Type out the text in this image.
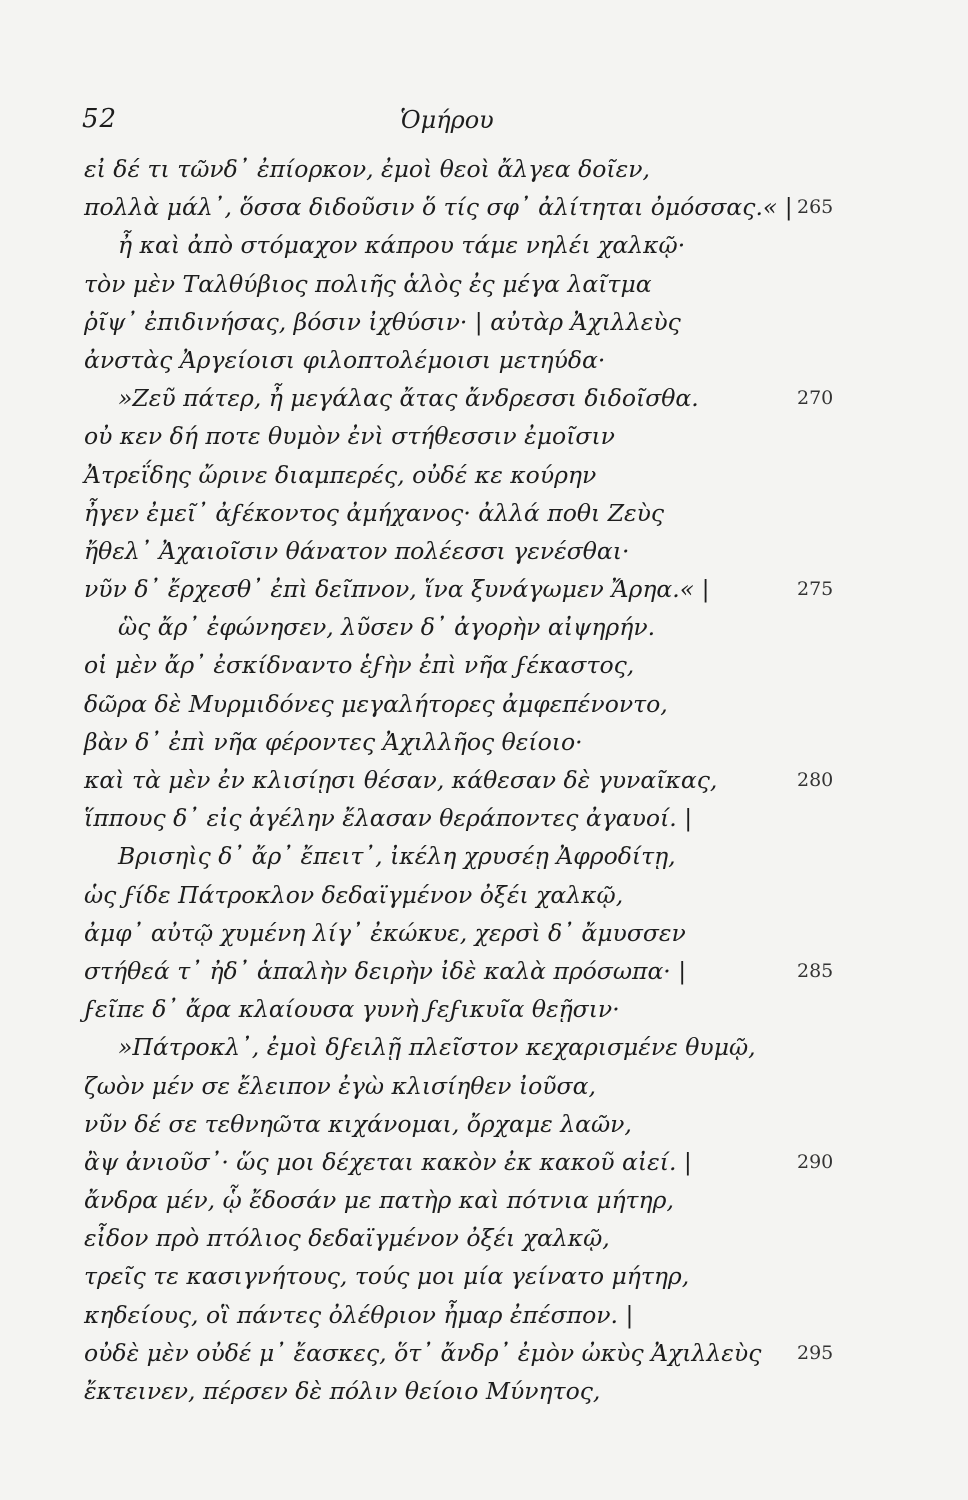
52	Ὁμήρου
εἰ δέ τι τῶνδ᾽ ἐπίορκον, ἐμοὶ θεοὶ ἄλγεα δοῖεν,
πολλὰ μάλ᾽, ὅσσα διδοῦσιν ὅ τίς σφ᾽ ἀλίτηται ὀμόσσας.« | 265
ἦ καὶ ἀπὸ στόμαχον κάπρου τάμε νηλέι χαλκῷ·
τὸν μὲν Ταλθύβιος πολιῆς ἁλὸς ἐς μέγα λαῖτμα
ῥῖψ᾽ ἐπιδινήσας, βόσιν ἰχθύσιν· | αὐτὰρ Ἀχιλλεὺς
ἀνστὰς Ἀργείοισι φιλοπτολέμοισι μετηύδα·
»Ζεῦ πάτερ, ἦ μεγάλας ἄτας ἄνδρεσσι διδοῖσθα.	270
οὐ κεν δή ποτε θυμὸν ἐνὶ στήθεσσιν ἐμοῖσιν
Ἀτρεΐδης ὤρινε διαμπερές, οὐδέ κε κούρην
ἦγεν ἐμεῖ᾽ ἀϝέκοντος ἀμήχανος· ἀλλά ποθι Ζεὺς
ἤθελ᾽ Ἀχαιοῖσιν θάνατον πολέεσσι γενέσθαι·
νῦν δ᾽ ἔρχεσθ᾽ ἐπὶ δεῖπνον, ἵνα ξυνάγωμεν Ἄρηα.« |	275
ὣς ἄρ᾽ ἐφώνησεν, λῦσεν δ᾽ ἀγορὴν αἰψηρήν.
οἱ μὲν ἄρ᾽ ἐσκίδναντο ἑϝὴν ἐπὶ νῆα ϝέκαστος,
δῶρα δὲ Μυρμιδόνες μεγαλήτορες ἀμφεπένοντο,
βὰν δ᾽ ἐπὶ νῆα φέροντες Ἀχιλλῆος θείοιο·
καὶ τὰ μὲν ἐν κλισίῃσι θέσαν, κάθεσαν δὲ γυναῖκας,	280
ἵππους δ᾽ εἰς ἀγέλην ἔλασαν θεράποντες ἀγαυοί. |
Βρισηὶς δ᾽ ἄρ᾽ ἔπειτ᾽, ἰκέλη χρυσέῃ Ἀφροδίτῃ,
ὡς ϝίδε Πάτροκλον δεδαϊγμένον ὀξέι χαλκῷ,
ἀμφ᾽ αὐτῷ χυμένη λίγ᾽ ἐκώκυε, χερσὶ δ᾽ ἄμυσσεν
στήθεά τ᾽ ἠδ᾽ ἁπαλὴν δειρὴν ἰδὲ καλὰ πρόσωπα· |	285
ϝεῖπε δ᾽ ἄρα κλαίουσα γυνὴ ϝεϝικυῖα θεῇσιν·
»Πάτροκλ᾽, ἐμοὶ δϝειλῇ πλεῖστον κεχαρισμένε θυμῷ,
ζωὸν μέν σε ἔλειπον ἐγὼ κλισίηθεν ἰοῦσα,
νῦν δέ σε τεθνηῶτα κιχάνομαι, ὄρχαμε λαῶν,
ἂψ ἀνιοῦσ᾽· ὥς μοι δέχεται κακὸν ἐκ κακοῦ αἰεί. |	290
ἄνδρα μέν, ᾧ ἔδοσάν με πατὴρ καὶ πότνια μήτηρ,
εἶδον πρὸ πτόλιος δεδαϊγμένον ὀξέι χαλκῷ,
τρεῖς τε κασιγνήτους, τούς μοι μία γείνατο μήτηρ,
κηδείους, οἳ πάντες ὀλέθριον ἦμαρ ἐπέσπον. |
οὐδὲ μὲν οὐδέ μ᾽ ἔασκες, ὅτ᾽ ἄνδρ᾽ ἐμὸν ὠκὺς Ἀχιλλεὺς 295
ἔκτεινεν, πέρσεν δὲ πόλιν θείοιο Μύνητος,
